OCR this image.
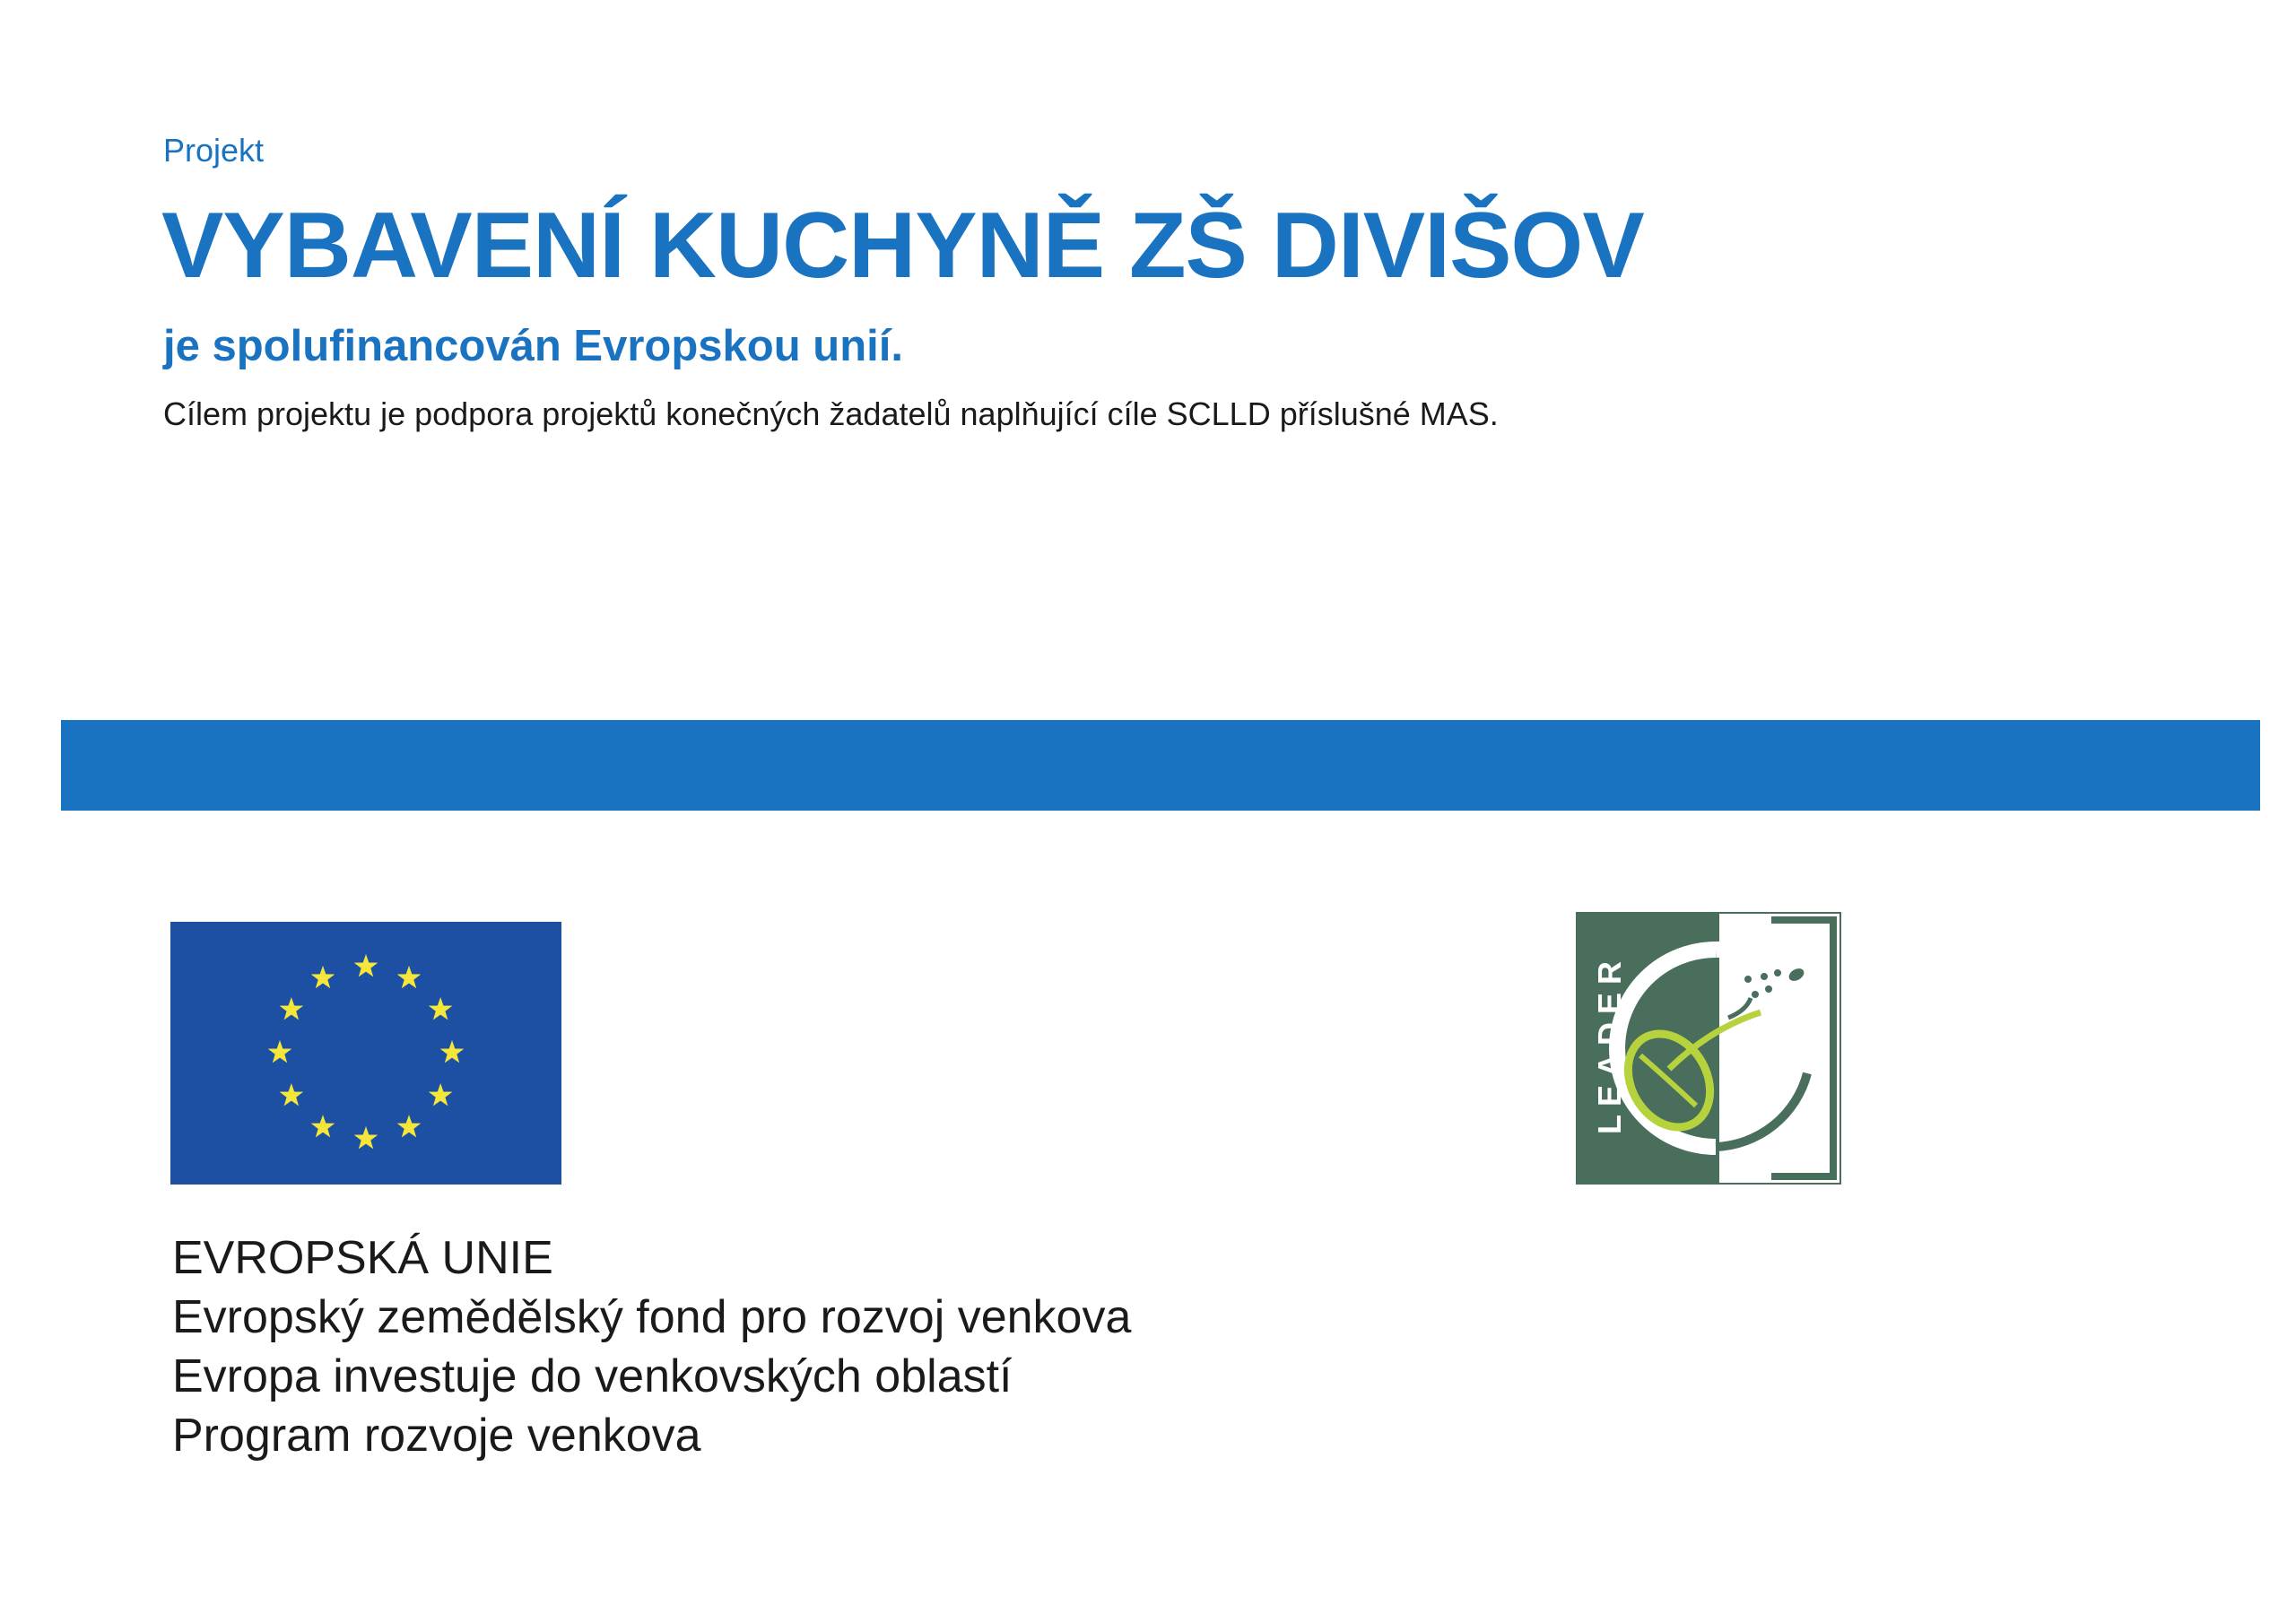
Projekt
VYBAVENÍ KUCHYNĚ ZŠ DIVIŠOV
je spolufinancován Evropskou unií.
Cílem projektu je podpora projektů konečných žadatelů naplňující cíle SCLLD příslušné MAS.
EVROPSKÁ UNIE
Evropský zemědělský fond pro rozvoj venkova
Evropa investuje do venkovských oblastí
Program rozvoje venkova
LEADER
